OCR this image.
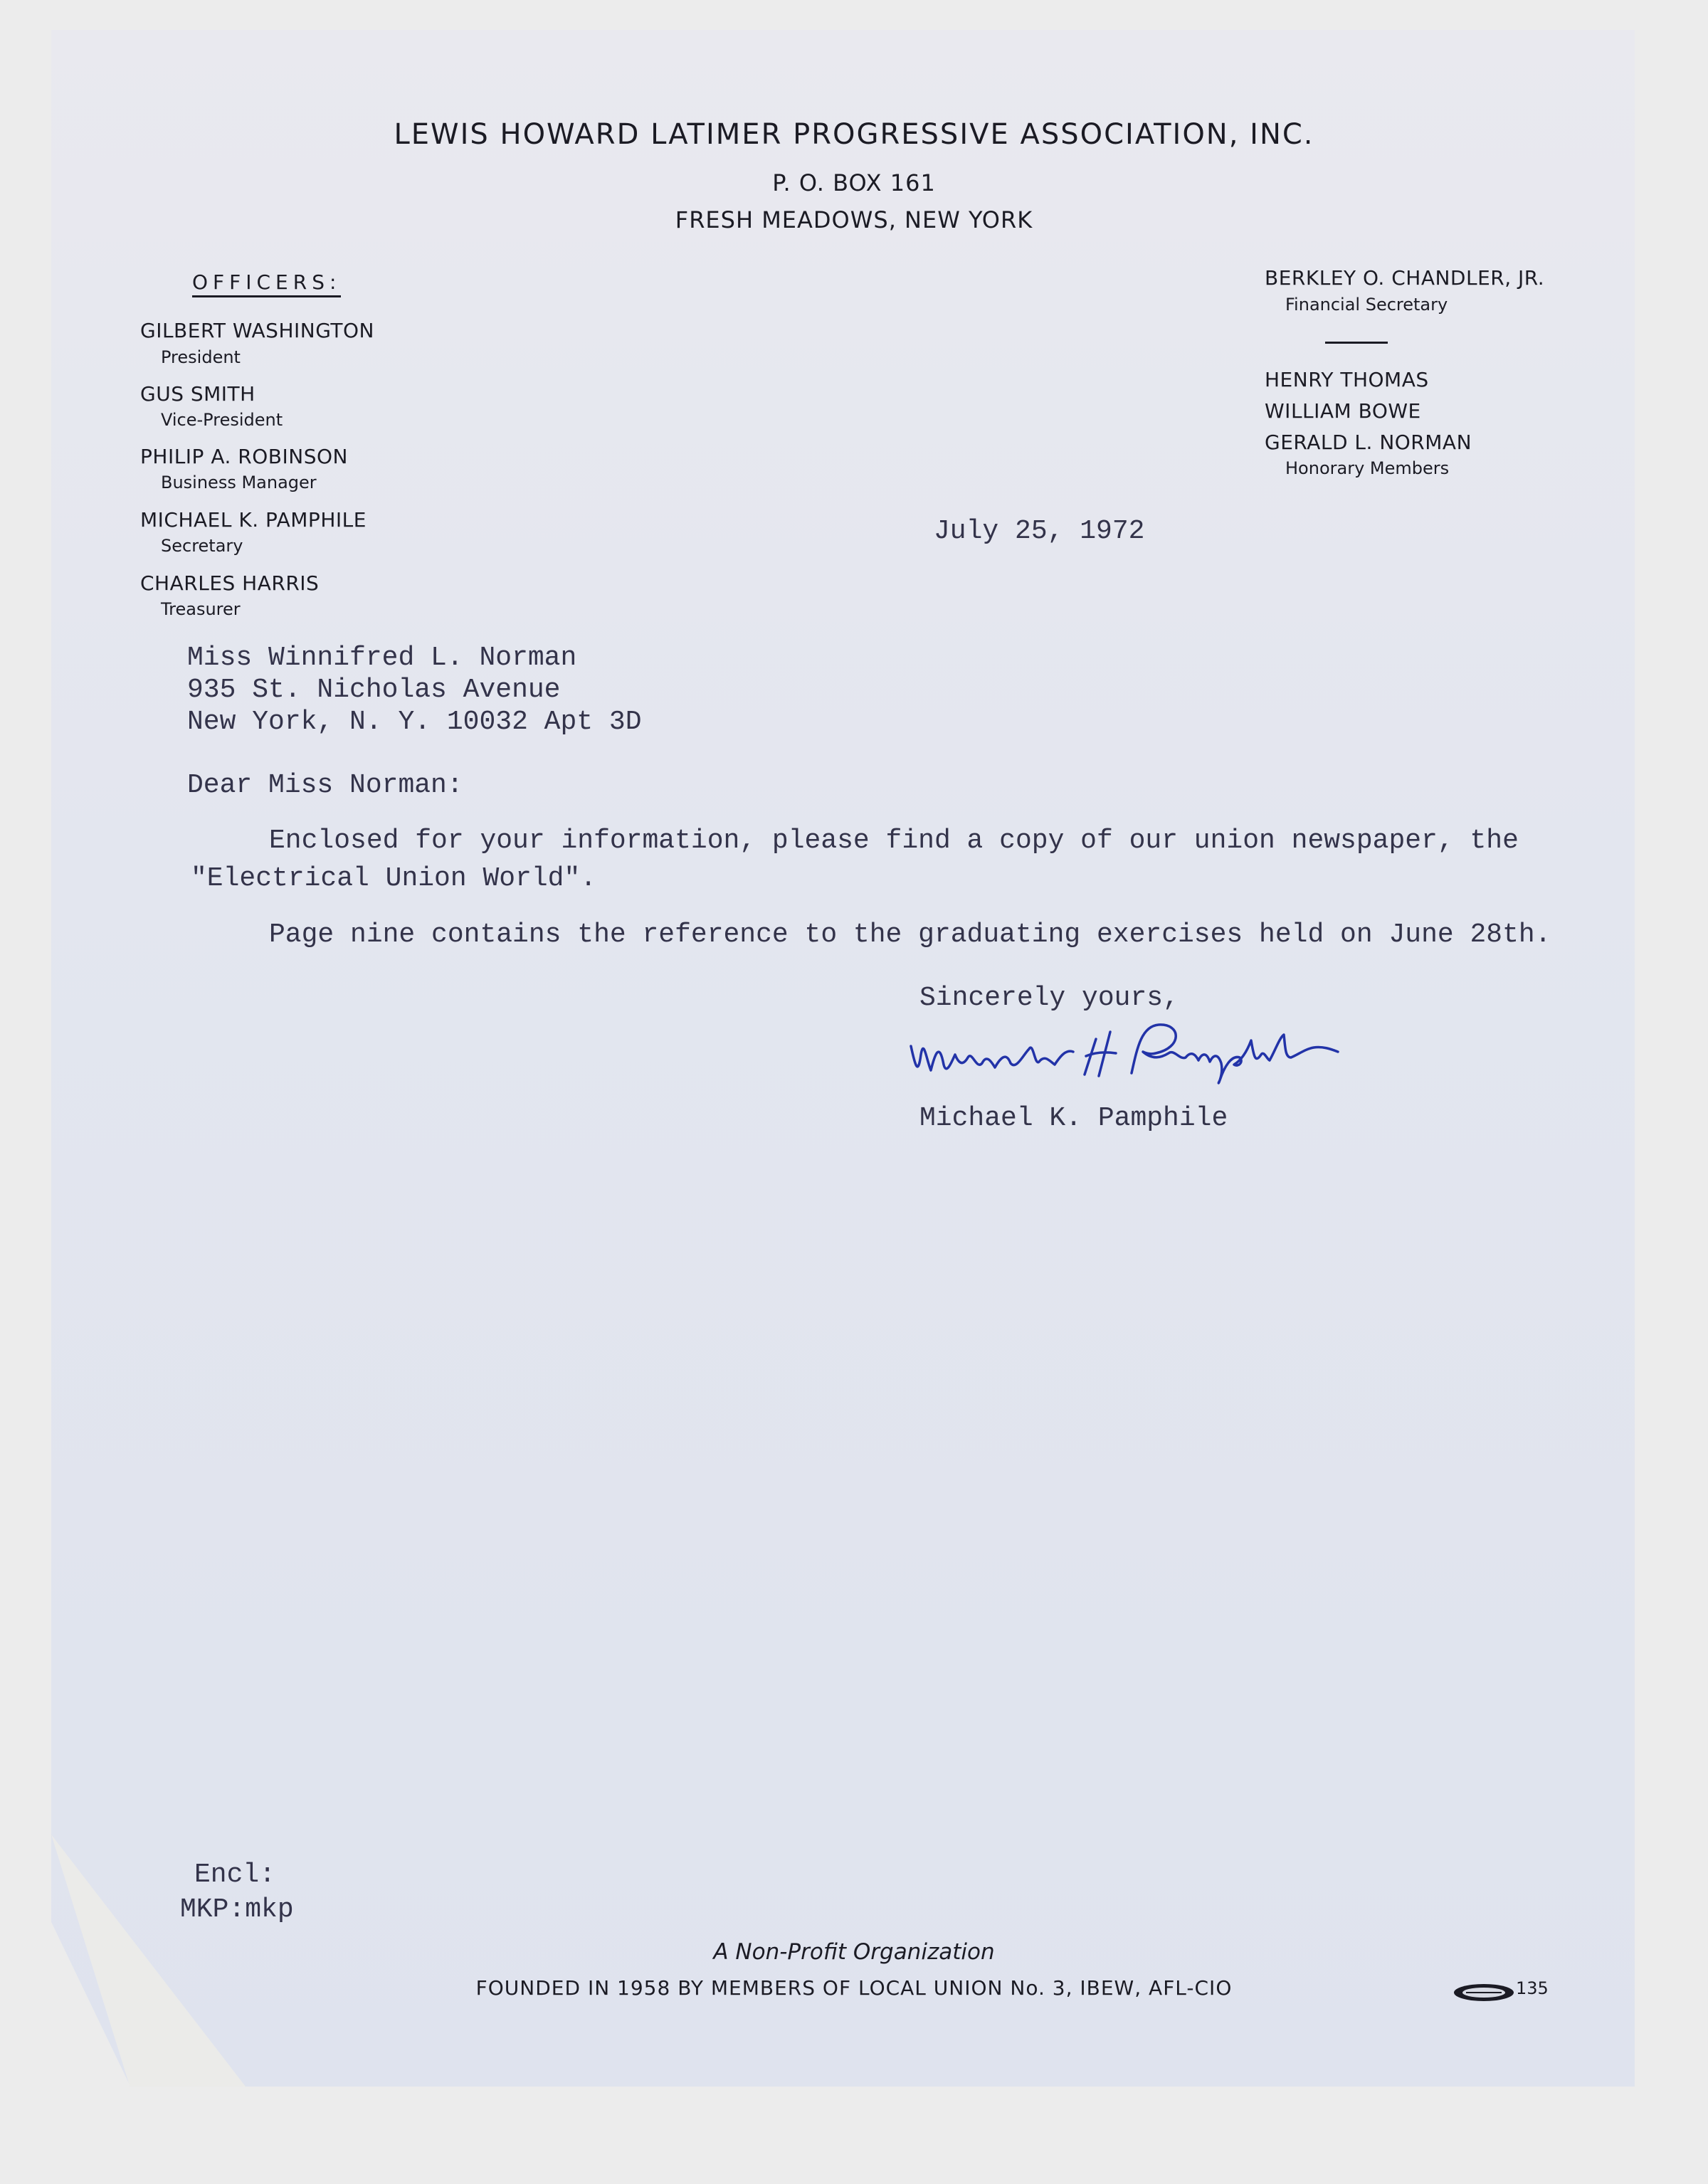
LEWIS HOWARD LATIMER PROGRESSIVE ASSOCIATION, INC.
P. O. BOX 161
FRESH MEADOWS, NEW YORK
OFFICERS:
GILBERT WASHINGTON
President
GUS SMITH
Vice-President
PHILIP A. ROBINSON
Business Manager
MICHAEL K. PAMPHILE
Secretary
CHARLES HARRIS
Treasurer
BERKLEY O. CHANDLER, JR.
Financial Secretary
HENRY THOMAS
WILLIAM BOWE
GERALD L. NORMAN
Honorary Members
July 25, 1972
Miss Winnifred L. Norman
935 St. Nicholas Avenue
New York, N. Y. 10032 Apt 3D
Dear Miss Norman:
Enclosed for your information, please find a copy of our union newspaper, the
"Electrical Union World".
Page nine contains the reference to the graduating exercises held on June 28th.
Sincerely yours,
Michael K. Pamphile
Encl:
MKP:mkp
A Non-Profit Organization
FOUNDED IN 1958 BY MEMBERS OF LOCAL UNION No. 3, IBEW, AFL-CIO	135
